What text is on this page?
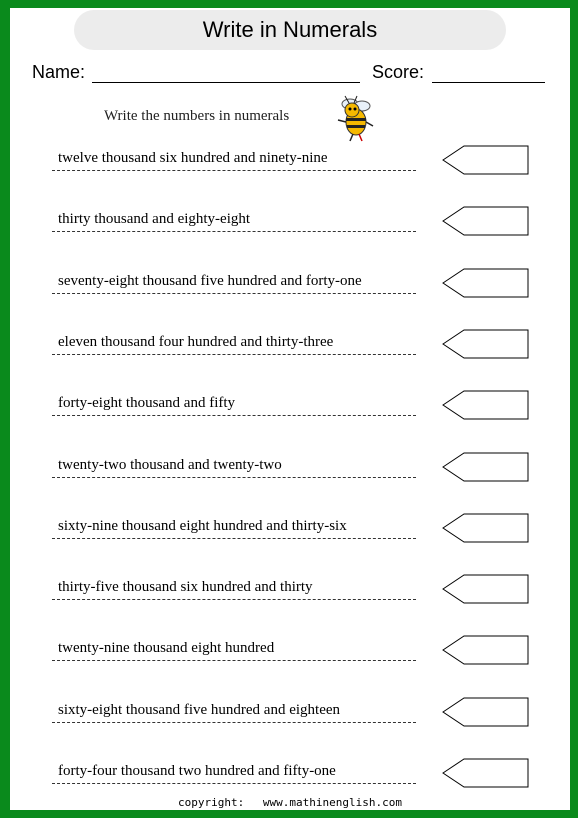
Write in Numerals
Name:	Score:
Write the numbers in numerals
twelve thousand six hundred and ninety-nine
thirty thousand and eighty-eight
seventy-eight thousand five hundred and forty-one
eleven thousand four hundred and thirty-three
forty-eight thousand and fifty
twenty-two thousand and twenty-two
sixty-nine thousand eight hundred and thirty-six
thirty-five thousand six hundred and thirty
twenty-nine thousand eight hundred
sixty-eight thousand five hundred and eighteen
forty-four thousand two hundred and fifty-one
copyright: www.mathinenglish.com
